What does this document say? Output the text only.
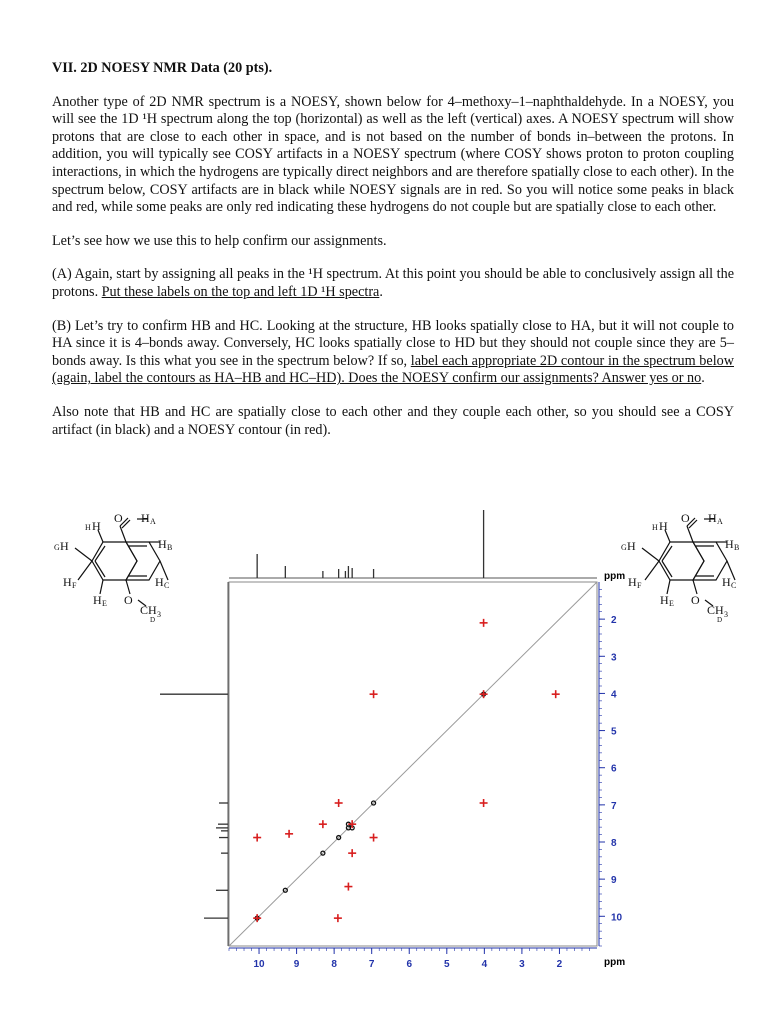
VII. 2D NOESY NMR Data (20 pts).

Another type of 2D NMR spectrum is a NOESY, shown below for 4–methoxy–1–naphthaldehyde. In a NOESY, you will see the 1D ¹H spectrum along the top (horizontal) as well as the left (vertical) axes. A NOESY spectrum will show protons that are close to each other in space, and is not based on the number of bonds in–between the protons. In addition, you will typically see COSY artifacts in a NOESY spectrum (where COSY shows proton to proton coupling interactions, in which the hydrogens are typically direct neighbors and are therefore spatially close to each other). In the spectrum below, COSY artifacts are in black while NOESY signals are in red. So you will notice some peaks in black and red, while some peaks are only red indicating these hydrogens do not couple but are spatially close to each other.

Let’s see how we use this to help confirm our assignments.

(A) Again, start by assigning all peaks in the ¹H spectrum. At this point you should be able to conclusively assign all the protons. Put these labels on the top and left 1D ¹H spectra.

(B) Let’s try to confirm HB and HC. Looking at the structure, HB looks spatially close to HA, but it will not couple to HA since it is 4–bonds away. Conversely, HC looks spatially close to HD but they should not couple since they are 5–bonds away. Is this what you see in the spectrum below? If so, label each appropriate 2D contour in the spectrum below (again, label the contours as HA–HB and HC–HD). Does the NOESY confirm our assignments? Answer yes or no.

Also note that HB and HC are spatially close to each other and they couple each other, so you should see a COSY artifact (in black) and a NOESY contour (in red).

O H A
H B
H C
O
CH 3
D
H E
H F
H
G
H
H
O H A
H B
H C
O
CH 3
D
H E
H F
H
G
H
H
10	9	8	7	6	5	4	3	2
2
3
4
5
6
7
8
9
10
ppm
ppm
